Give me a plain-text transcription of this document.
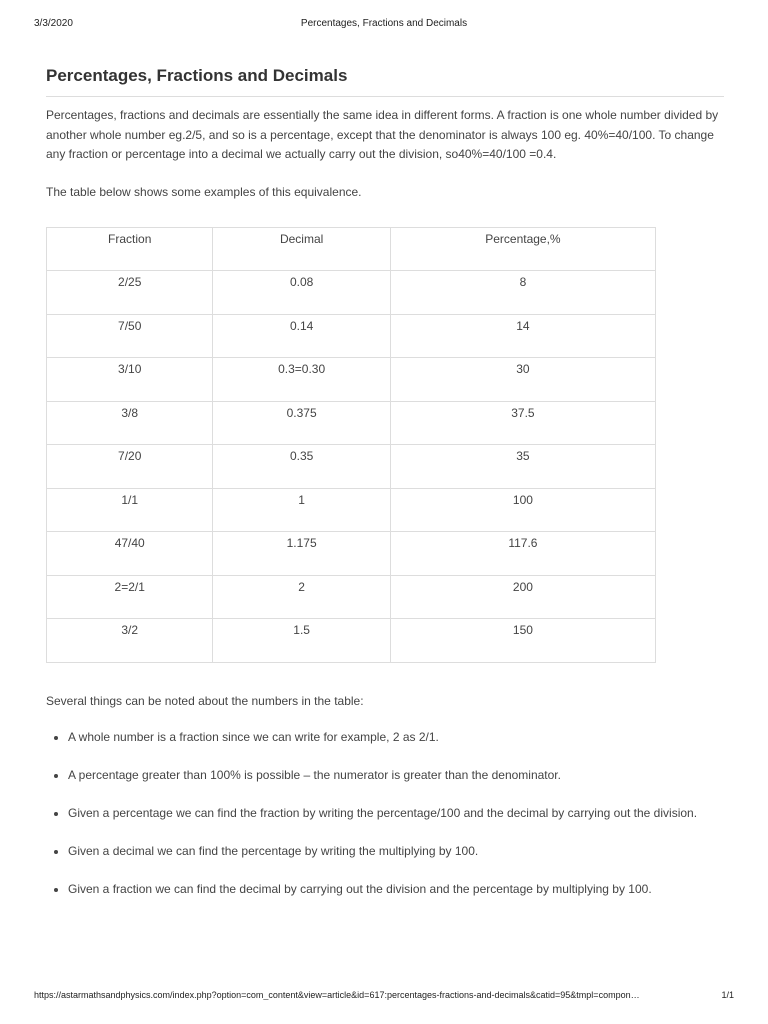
3/3/2020	Percentages, Fractions and Decimals
Percentages, Fractions and Decimals

Percentages, fractions and decimals are essentially the same idea in different forms. A fraction is one whole number divided by another whole number eg.2/5, and so is a percentage, except that the denominator is always 100 eg. 40%=40/100. To change any fraction or percentage into a decimal we actually carry out the division, so40%=40/100 =0.4.

The table below shows some examples of this equivalence.

Fraction	Decimal	Percentage,%

2/25	0.08	8

7/50	0.14	14

3/10	0.3=0.30	30

3/8	0.375	37.5

7/20	0.35	35

1/1	1	100

47/40	1.175	117.6

2=2/1	2	200

3/2	1.5	150

Several things can be noted about the numbers in the table:

• A whole number is a fraction since we can write for example, 2 as 2/1.
• A percentage greater than 100% is possible – the numerator is greater than the denominator.
• Given a percentage we can find the fraction by writing the percentage/100 and the decimal by carrying out the division.
• Given a decimal we can find the percentage by writing the multiplying by 100.
• Given a fraction we can find the decimal by carrying out the division and the percentage by multiplying by 100.
https://astarmathsandphysics.com/index.php?option=com_content&view=article&id=617:percentages-fractions-and-decimals&catid=95&tmpl=compon…	1/1
